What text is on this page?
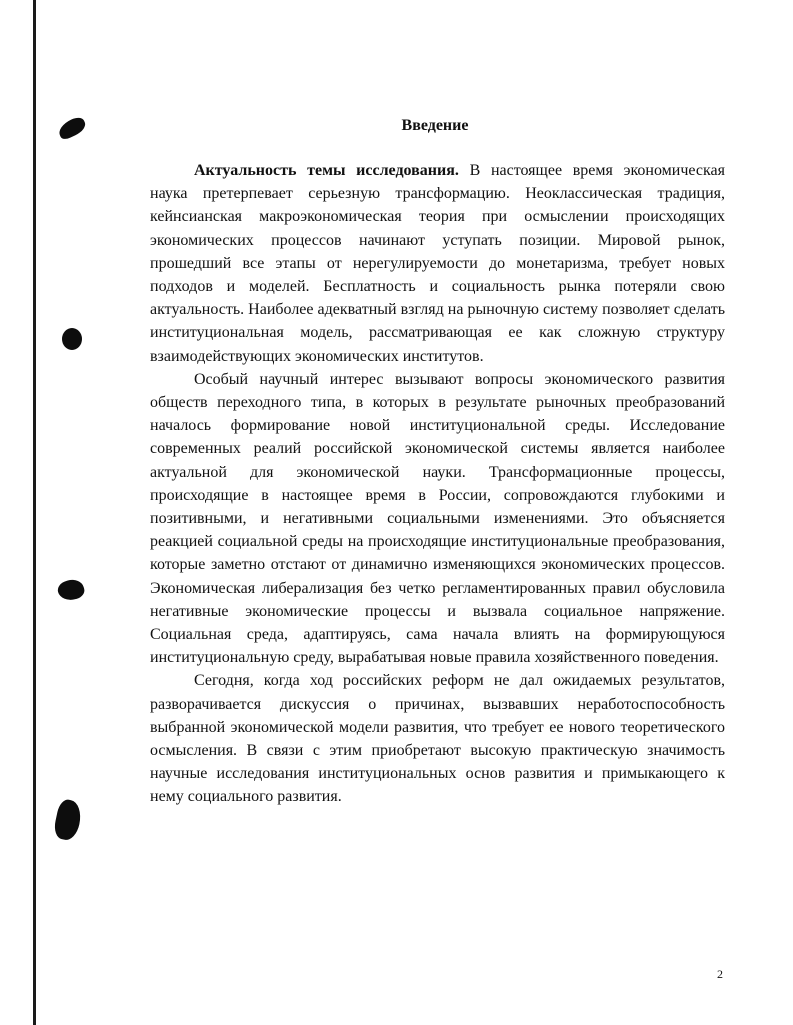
Введение

Актуальность темы исследования. В настоящее время экономическая наука претерпевает серьезную трансформацию. Неоклассическая традиция, кейнсианская макроэкономическая теория при осмыслении происходящих экономических процессов начинают уступать позиции. Мировой рынок, прошедший все этапы от нерегулируемости до монетаризма, требует новых подходов и моделей. Бесплатность и социальность рынка потеряли свою актуальность. Наиболее адекватный взгляд на рыночную систему позволяет сделать институциональная модель, рассматривающая ее как сложную структуру взаимодействующих экономических институтов.

Особый научный интерес вызывают вопросы экономического развития обществ переходного типа, в которых в результате рыночных преобразований началось формирование новой институциональной среды. Исследование современных реалий российской экономической системы является наиболее актуальной для экономической науки. Трансформационные процессы, происходящие в настоящее время в России, сопровождаются глубокими и позитивными, и негативными социальными изменениями. Это объясняется реакцией социальной среды на происходящие институциональные преобразования, которые заметно отстают от динамично изменяющихся экономических процессов. Экономическая либерализация без четко регламентированных правил обусловила негативные экономические процессы и вызвала социальное напряжение. Социальная среда, адаптируясь, сама начала влиять на формирующуюся институциональную среду, вырабатывая новые правила хозяйственного поведения.

Сегодня, когда ход российских реформ не дал ожидаемых результатов, разворачивается дискуссия о причинах, вызвавших неработоспособность выбранной экономической модели развития, что требует ее нового теоретического осмысления. В связи с этим приобретают высокую практическую значимость научные исследования институциональных основ развития и примыкающего к нему социального развития.

2
